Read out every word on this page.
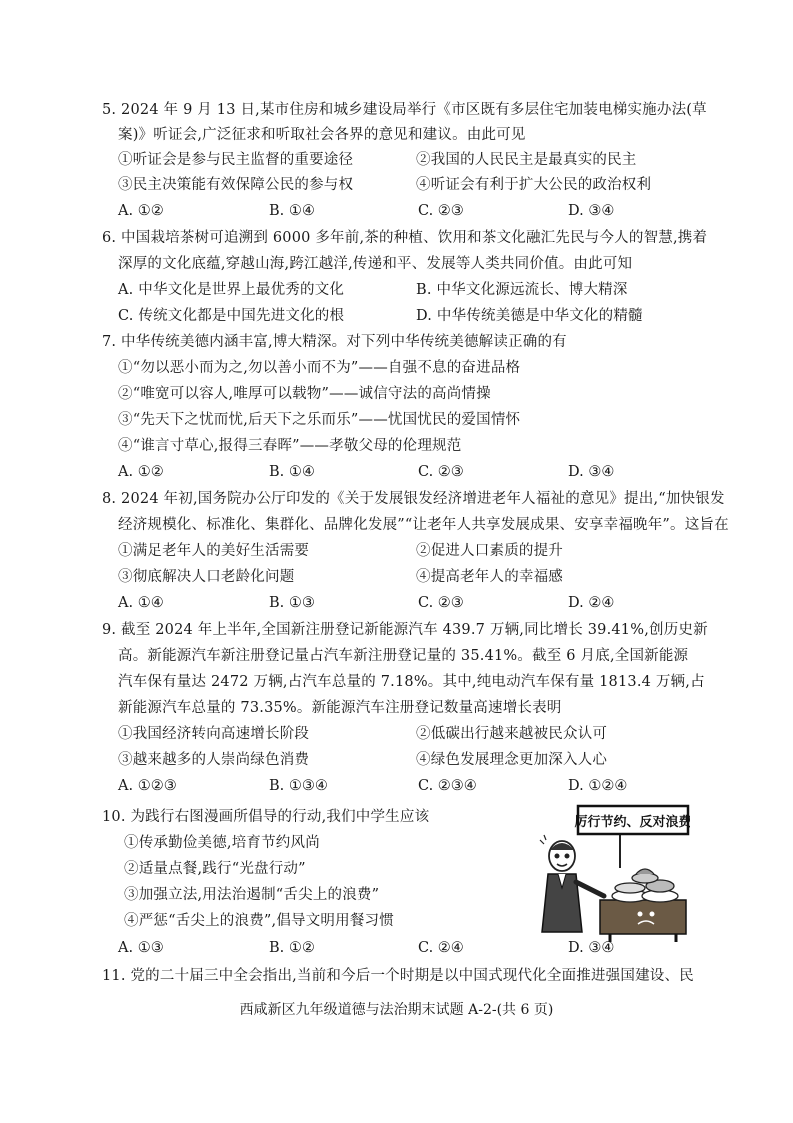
5. 2024 年 9 月 13 日,某市住房和城乡建设局举行《市区既有多层住宅加装电梯实施办法(草
案)》听证会,广泛征求和听取社会各界的意见和建议。由此可见
①听证会是参与民主监督的重要途径	②我国的人民民主是最真实的民主
③民主决策能有效保障公民的参与权	④听证会有利于扩大公民的政治权利
A. ①②	B. ①④	C. ②③	D. ③④
6. 中国栽培茶树可追溯到 6000 多年前,茶的种植、饮用和茶文化融汇先民与今人的智慧,携着
深厚的文化底蕴,穿越山海,跨江越洋,传递和平、发展等人类共同价值。由此可知
A. 中华文化是世界上最优秀的文化	B. 中华文化源远流长、博大精深
C. 传统文化都是中国先进文化的根	D. 中华传统美德是中华文化的精髓
7. 中华传统美德内涵丰富,博大精深。对下列中华传统美德解读正确的有
①“勿以恶小而为之,勿以善小而不为”——自强不息的奋进品格
②“唯宽可以容人,唯厚可以载物”——诚信守法的高尚情操
③“先天下之忧而忧,后天下之乐而乐”——忧国忧民的爱国情怀
④“谁言寸草心,报得三春晖”——孝敬父母的伦理规范
A. ①②	B. ①④	C. ②③	D. ③④
8. 2024 年初,国务院办公厅印发的《关于发展银发经济增进老年人福祉的意见》提出,“加快银发
经济规模化、标准化、集群化、品牌化发展”“让老年人共享发展成果、安享幸福晚年”。这旨在
①满足老年人的美好生活需要	②促进人口素质的提升
③彻底解决人口老龄化问题	④提高老年人的幸福感
A. ①④	B. ①③	C. ②③	D. ②④
9. 截至 2024 年上半年,全国新注册登记新能源汽车 439.7 万辆,同比增长 39.41%,创历史新
高。新能源汽车新注册登记量占汽车新注册登记量的 35.41%。截至 6 月底,全国新能源
汽车保有量达 2472 万辆,占汽车总量的 7.18%。其中,纯电动汽车保有量 1813.4 万辆,占
新能源汽车总量的 73.35%。新能源汽车注册登记数量高速增长表明
①我国经济转向高速增长阶段	②低碳出行越来越被民众认可
③越来越多的人崇尚绿色消费	④绿色发展理念更加深入人心
A. ①②③	B. ①③④	C. ②③④	D. ①②④
10. 为践行右图漫画所倡导的行动,我们中学生应该
①传承勤俭美德,培育节约风尚
②适量点餐,践行“光盘行动”
③加强立法,用法治遏制“舌尖上的浪费”
④严惩“舌尖上的浪费”,倡导文明用餐习惯
A. ①③	B. ①②	C. ②④	D. ③④
厉行节约、反对浪费
11. 党的二十届三中全会指出,当前和今后一个时期是以中国式现代化全面推进强国建设、民
西咸新区九年级道德与法治期末试题 A-2-(共 6 页)
